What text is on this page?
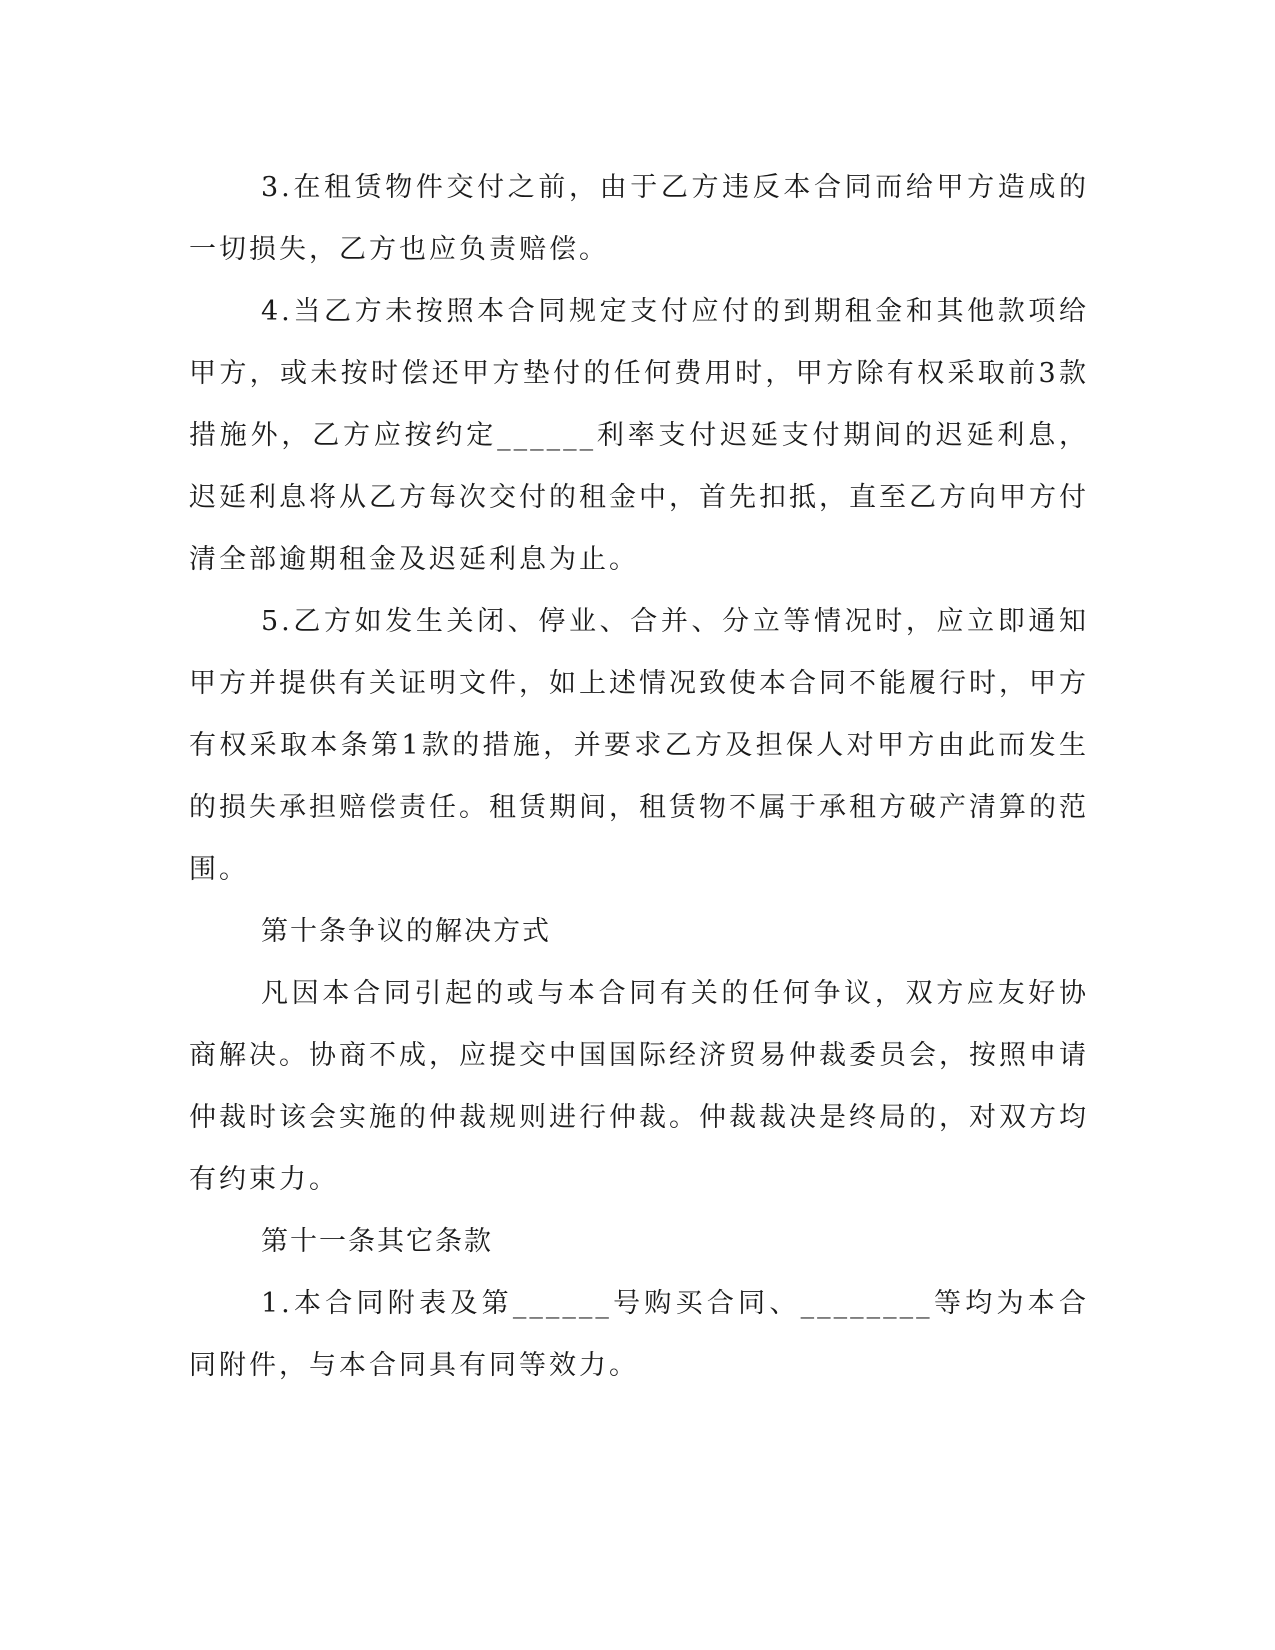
3.在租赁物件交付之前，由于乙方违反本合同而给甲方造成的一切损失，乙方也应负责赔偿。

4.当乙方未按照本合同规定支付应付的到期租金和其他款项给甲方，或未按时偿还甲方垫付的任何费用时，甲方除有权采取前3款措施外，乙方应按约定______利率支付迟延支付期间的迟延利息，迟延利息将从乙方每次交付的租金中，首先扣抵，直至乙方向甲方付清全部逾期租金及迟延利息为止。

5.乙方如发生关闭、停业、合并、分立等情况时，应立即通知甲方并提供有关证明文件，如上述情况致使本合同不能履行时，甲方有权采取本条第1款的措施，并要求乙方及担保人对甲方由此而发生的损失承担赔偿责任。租赁期间，租赁物不属于承租方破产清算的范围。

第十条争议的解决方式

凡因本合同引起的或与本合同有关的任何争议，双方应友好协商解决。协商不成，应提交中国国际经济贸易仲裁委员会，按照申请仲裁时该会实施的仲裁规则进行仲裁。仲裁裁决是终局的，对双方均有约束力。

第十一条其它条款

1.本合同附表及第______号购买合同、________等均为本合同附件，与本合同具有同等效力。
